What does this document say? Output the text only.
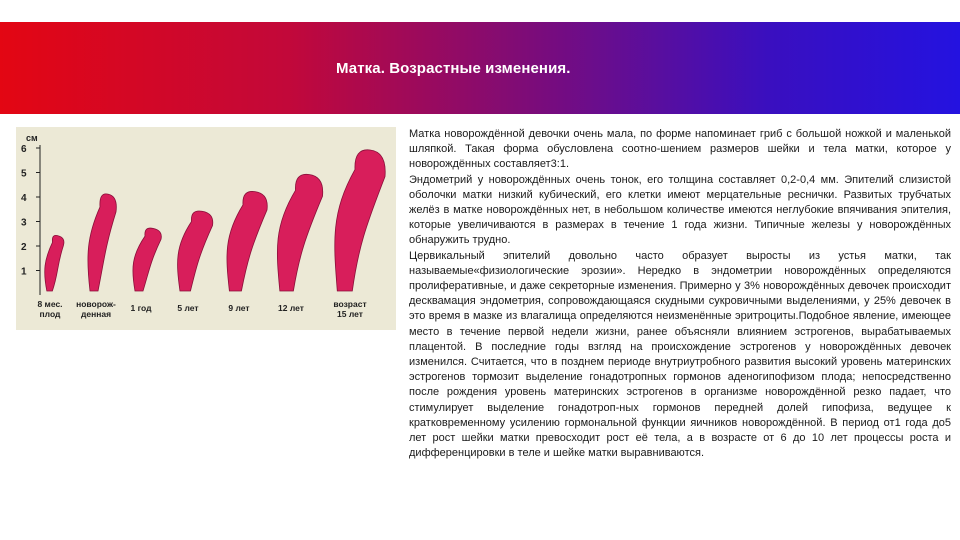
Матка. Возрастные изменения.
см
6
5
4
3
2
1
8 мес.
плод
новорож-
денная
1 год	5 лет	9 лет	12 лет	возраст
15 лет

Матка новорождённой девочки очень мала, по форме напоминает гриб с большой ножкой и маленькой шляпкой. Такая форма обусловлена соотно-шением размеров шейки и тела матки, которое у новорождённых составляет3:1.

Эндометрий у новорождённых очень тонок, его толщина составляет 0,2-0,4 мм. Эпителий слизистой оболочки матки низкий кубический, его клетки имеют мерцательные реснички. Развитых трубчатых желёз в матке новорождённых нет, в небольшом количестве имеются неглубокие впячивания эпителия, которые увеличиваются в размерах в течение 1 года жизни. Типичные железы у новорождённых обнаружить трудно.

Цервикальный эпителий довольно часто образует выросты из устья матки, так называемые«физиологические эрозии». Нередко в эндометрии новорождённых определяются пролиферативные, и даже секреторные изменения. Примерно у 3% новорождённых девочек происходит десквамация эндометрия, сопровождающаяся скудными сукровичными выделениями, у 25% девочек в это время в мазке из влагалища определяются неизменённые эритроциты.Подобное явление, имеющее место в течение первой недели жизни, ранее объясняли влиянием эстрогенов, вырабатываемых плацентой. В последние годы взгляд на происхождение эстрогенов у новорождённых девочек изменился. Считается, что в позднем периоде внутриутробного развития высокий уровень материнских эстрогенов тормозит выделение гонадотропных гормонов аденогипофизом плода; непосредственно после рождения уровень материнских эстрогенов в организме новорождённой резко падает, что стимулирует выделение гонадотроп-ных гормонов передней долей гипофиза, ведущее к кратковременному усилению гормональной функции яичников новорождённой. В период от1 года до5 лет рост шейки матки превосходит рост её тела, а в возрасте от 6 до 10 лет процессы роста и дифференцировки в теле и шейке матки выравниваются.
